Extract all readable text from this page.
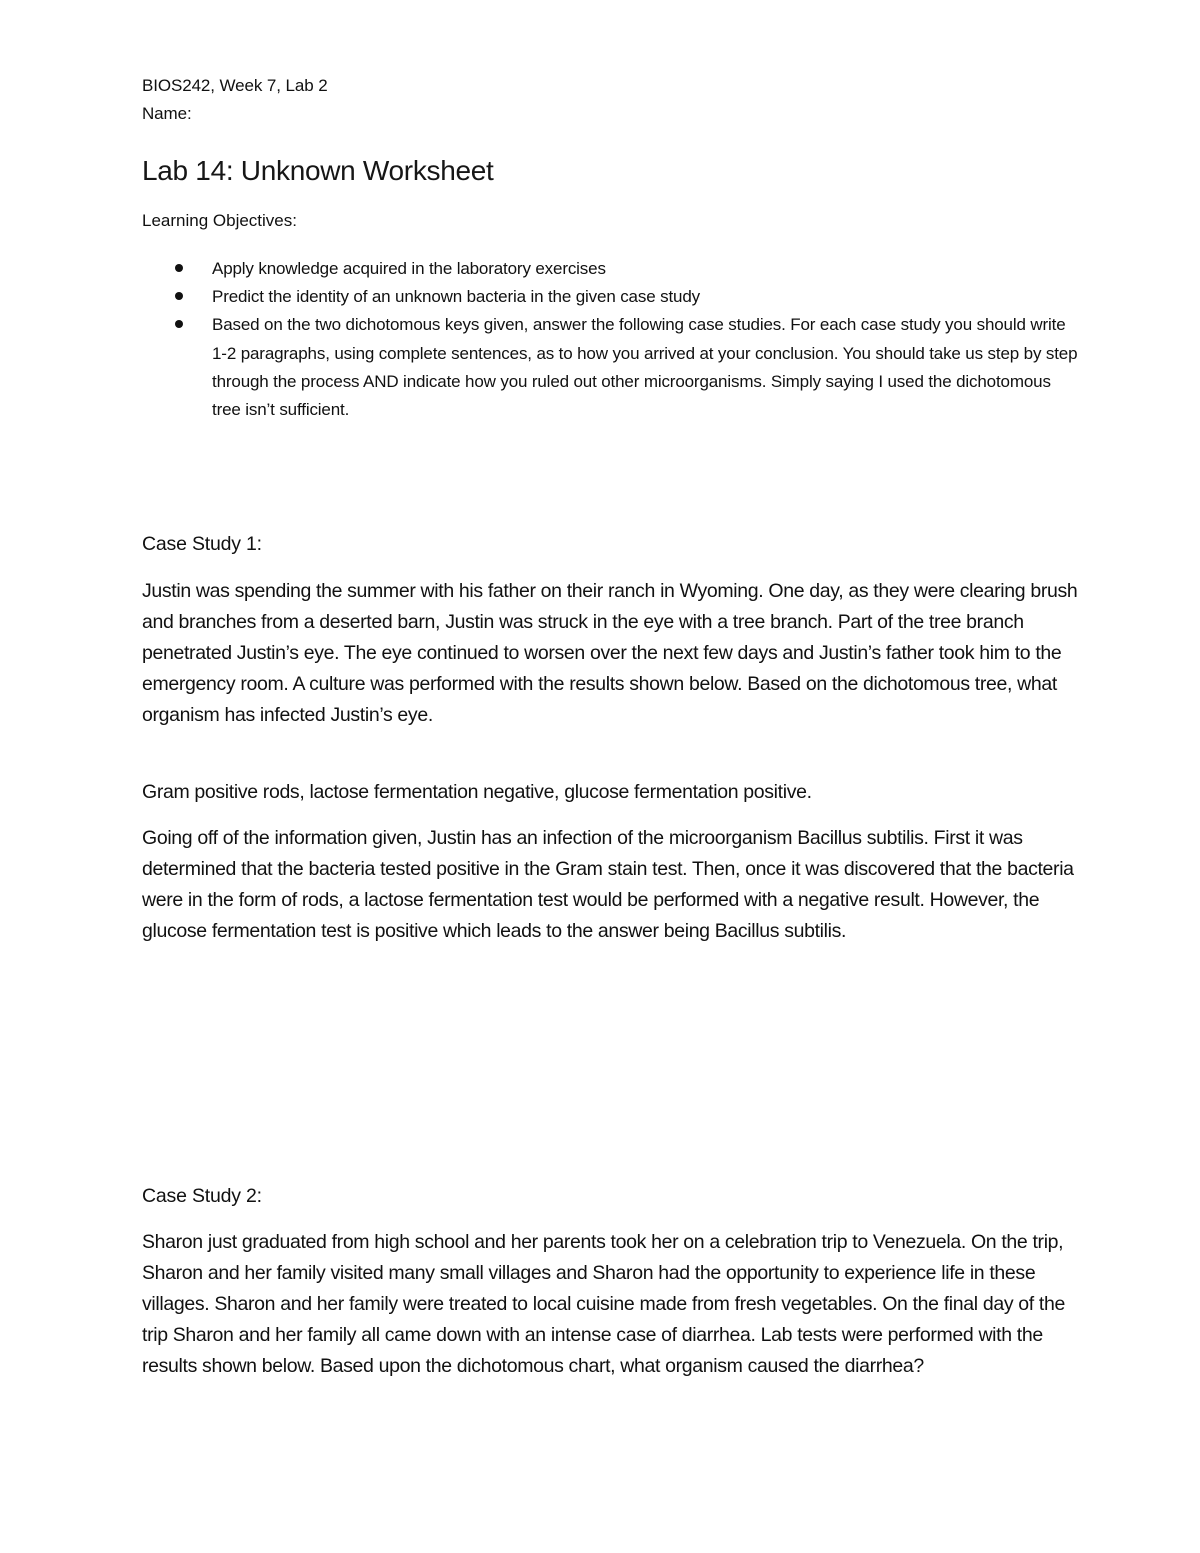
BIOS242, Week 7, Lab 2
Name:
Lab 14: Unknown Worksheet
Learning Objectives:
Apply knowledge acquired in the laboratory exercises
Predict the identity of an unknown bacteria in the given case study
Based on the two dichotomous keys given, answer the following case studies. For each case study you should write 1-2 paragraphs, using complete sentences, as to how you arrived at your conclusion. You should take us step by step through the process AND indicate how you ruled out other microorganisms. Simply saying I used the dichotomous tree isn’t sufficient.
Case Study 1:

Justin was spending the summer with his father on their ranch in Wyoming. One day, as they were clearing brush and branches from a deserted barn, Justin was struck in the eye with a tree branch. Part of the tree branch penetrated Justin’s eye. The eye continued to worsen over the next few days and Justin’s father took him to the emergency room. A culture was performed with the results shown below. Based on the dichotomous tree, what organism has infected Justin’s eye.

Gram positive rods, lactose fermentation negative, glucose fermentation positive.

Going off of the information given, Justin has an infection of the microorganism Bacillus subtilis. First it was determined that the bacteria tested positive in the Gram stain test. Then, once it was discovered that the bacteria were in the form of rods, a lactose fermentation test would be performed with a negative result. However, the glucose fermentation test is positive which leads to the answer being Bacillus subtilis.

Case Study 2:

Sharon just graduated from high school and her parents took her on a celebration trip to Venezuela. On the trip, Sharon and her family visited many small villages and Sharon had the opportunity to experience life in these villages. Sharon and her family were treated to local cuisine made from fresh vegetables. On the final day of the trip Sharon and her family all came down with an intense case of diarrhea. Lab tests were performed with the results shown below. Based upon the dichotomous chart, what organism caused the diarrhea?
